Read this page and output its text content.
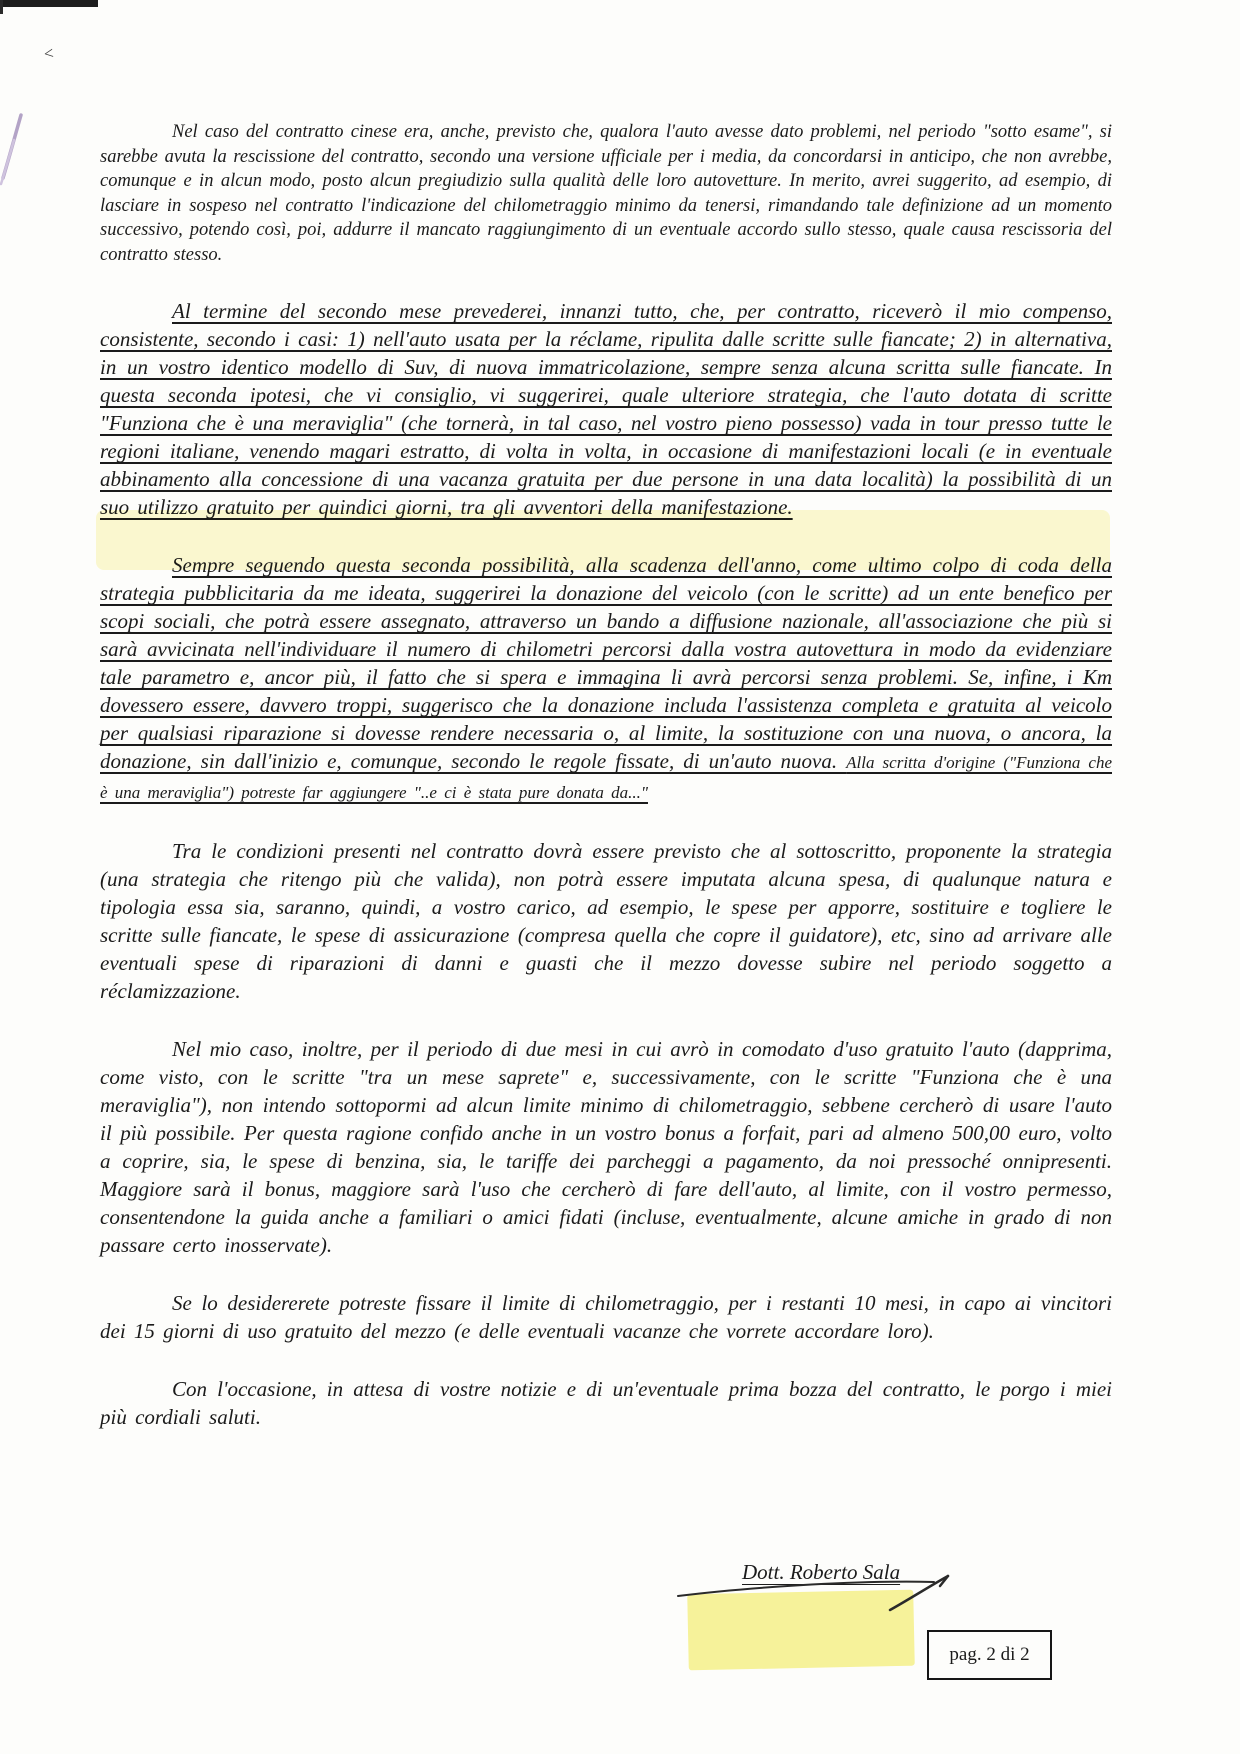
<

Nel caso del contratto cinese era, anche, previsto che, qualora l'auto avesse dato problemi, nel periodo "sotto esame", si sarebbe avuta la rescissione del contratto, secondo una versione ufficiale per i media, da concordarsi in anticipo, che non avrebbe, comunque e in alcun modo, posto alcun pregiudizio sulla qualità delle loro autovetture. In merito, avrei suggerito, ad esempio, di lasciare in sospeso nel contratto l'indicazione del chilometraggio minimo da tenersi, rimandando tale definizione ad un momento successivo, potendo così, poi, addurre il mancato raggiungimento di un eventuale accordo sullo stesso, quale causa rescissoria del contratto stesso.

Al termine del secondo mese prevederei, innanzi tutto, che, per contratto, riceverò il mio compenso, consistente, secondo i casi: 1) nell'auto usata per la réclame, ripulita dalle scritte sulle fiancate; 2) in alternativa, in un vostro identico modello di Suv, di nuova immatricolazione, sempre senza alcuna scritta sulle fiancate. In questa seconda ipotesi, che vi consiglio, vi suggerirei, quale ulteriore strategia, che l'auto dotata di scritte "Funziona che è una meraviglia" (che tornerà, in tal caso, nel vostro pieno possesso) vada in tour presso tutte le regioni italiane, venendo magari estratto, di volta in volta, in occasione di manifestazioni locali (e in eventuale abbinamento alla concessione di una vacanza gratuita per due persone in una data località) la possibilità di un suo utilizzo gratuito per quindici giorni, tra gli avventori della manifestazione.

Sempre seguendo questa seconda possibilità, alla scadenza dell'anno, come ultimo colpo di coda della strategia pubblicitaria da me ideata, suggerirei la donazione del veicolo (con le scritte) ad un ente benefico per scopi sociali, che potrà essere assegnato, attraverso un bando a diffusione nazionale, all'associazione che più si sarà avvicinata nell'individuare il numero di chilometri percorsi dalla vostra autovettura in modo da evidenziare tale parametro e, ancor più, il fatto che si spera e immagina li avrà percorsi senza problemi. Se, infine, i Km dovessero essere, davvero troppi, suggerisco che la donazione includa l'assistenza completa e gratuita al veicolo per qualsiasi riparazione si dovesse rendere necessaria o, al limite, la sostituzione con una nuova, o ancora, la donazione, sin dall'inizio e, comunque, secondo le regole fissate, di un'auto nuova. Alla scritta d'origine ("Funziona che è una meraviglia") potreste far aggiungere "..e ci è stata pure donata da..."

Tra le condizioni presenti nel contratto dovrà essere previsto che al sottoscritto, proponente la strategia (una strategia che ritengo più che valida), non potrà essere imputata alcuna spesa, di qualunque natura e tipologia essa sia, saranno, quindi, a vostro carico, ad esempio, le spese per apporre, sostituire e togliere le scritte sulle fiancate, le spese di assicurazione (compresa quella che copre il guidatore), etc, sino ad arrivare alle eventuali spese di riparazioni di danni e guasti che il mezzo dovesse subire nel periodo soggetto a réclamizzazione.

Nel mio caso, inoltre, per il periodo di due mesi in cui avrò in comodato d'uso gratuito l'auto (dapprima, come visto, con le scritte "tra un mese saprete" e, successivamente, con le scritte "Funziona che è una meraviglia"), non intendo sottopormi ad alcun limite minimo di chilometraggio, sebbene cercherò di usare l'auto il più possibile. Per questa ragione confido anche in un vostro bonus a forfait, pari ad almeno 500,00 euro, volto a coprire, sia, le spese di benzina, sia, le tariffe dei parcheggi a pagamento, da noi pressoché onnipresenti. Maggiore sarà il bonus, maggiore sarà l'uso che cercherò di fare dell'auto, al limite, con il vostro permesso, consentendone la guida anche a familiari o amici fidati (incluse, eventualmente, alcune amiche in grado di non passare certo inosservate).

Se lo desidererete potreste fissare il limite di chilometraggio, per i restanti 10 mesi, in capo ai vincitori dei 15 giorni di uso gratuito del mezzo (e delle eventuali vacanze che vorrete accordare loro).

Con l'occasione, in attesa di vostre notizie e di un'eventuale prima bozza del contratto, le porgo i miei più cordiali saluti.

Dott. Roberto Sala
pag. 2 di 2
